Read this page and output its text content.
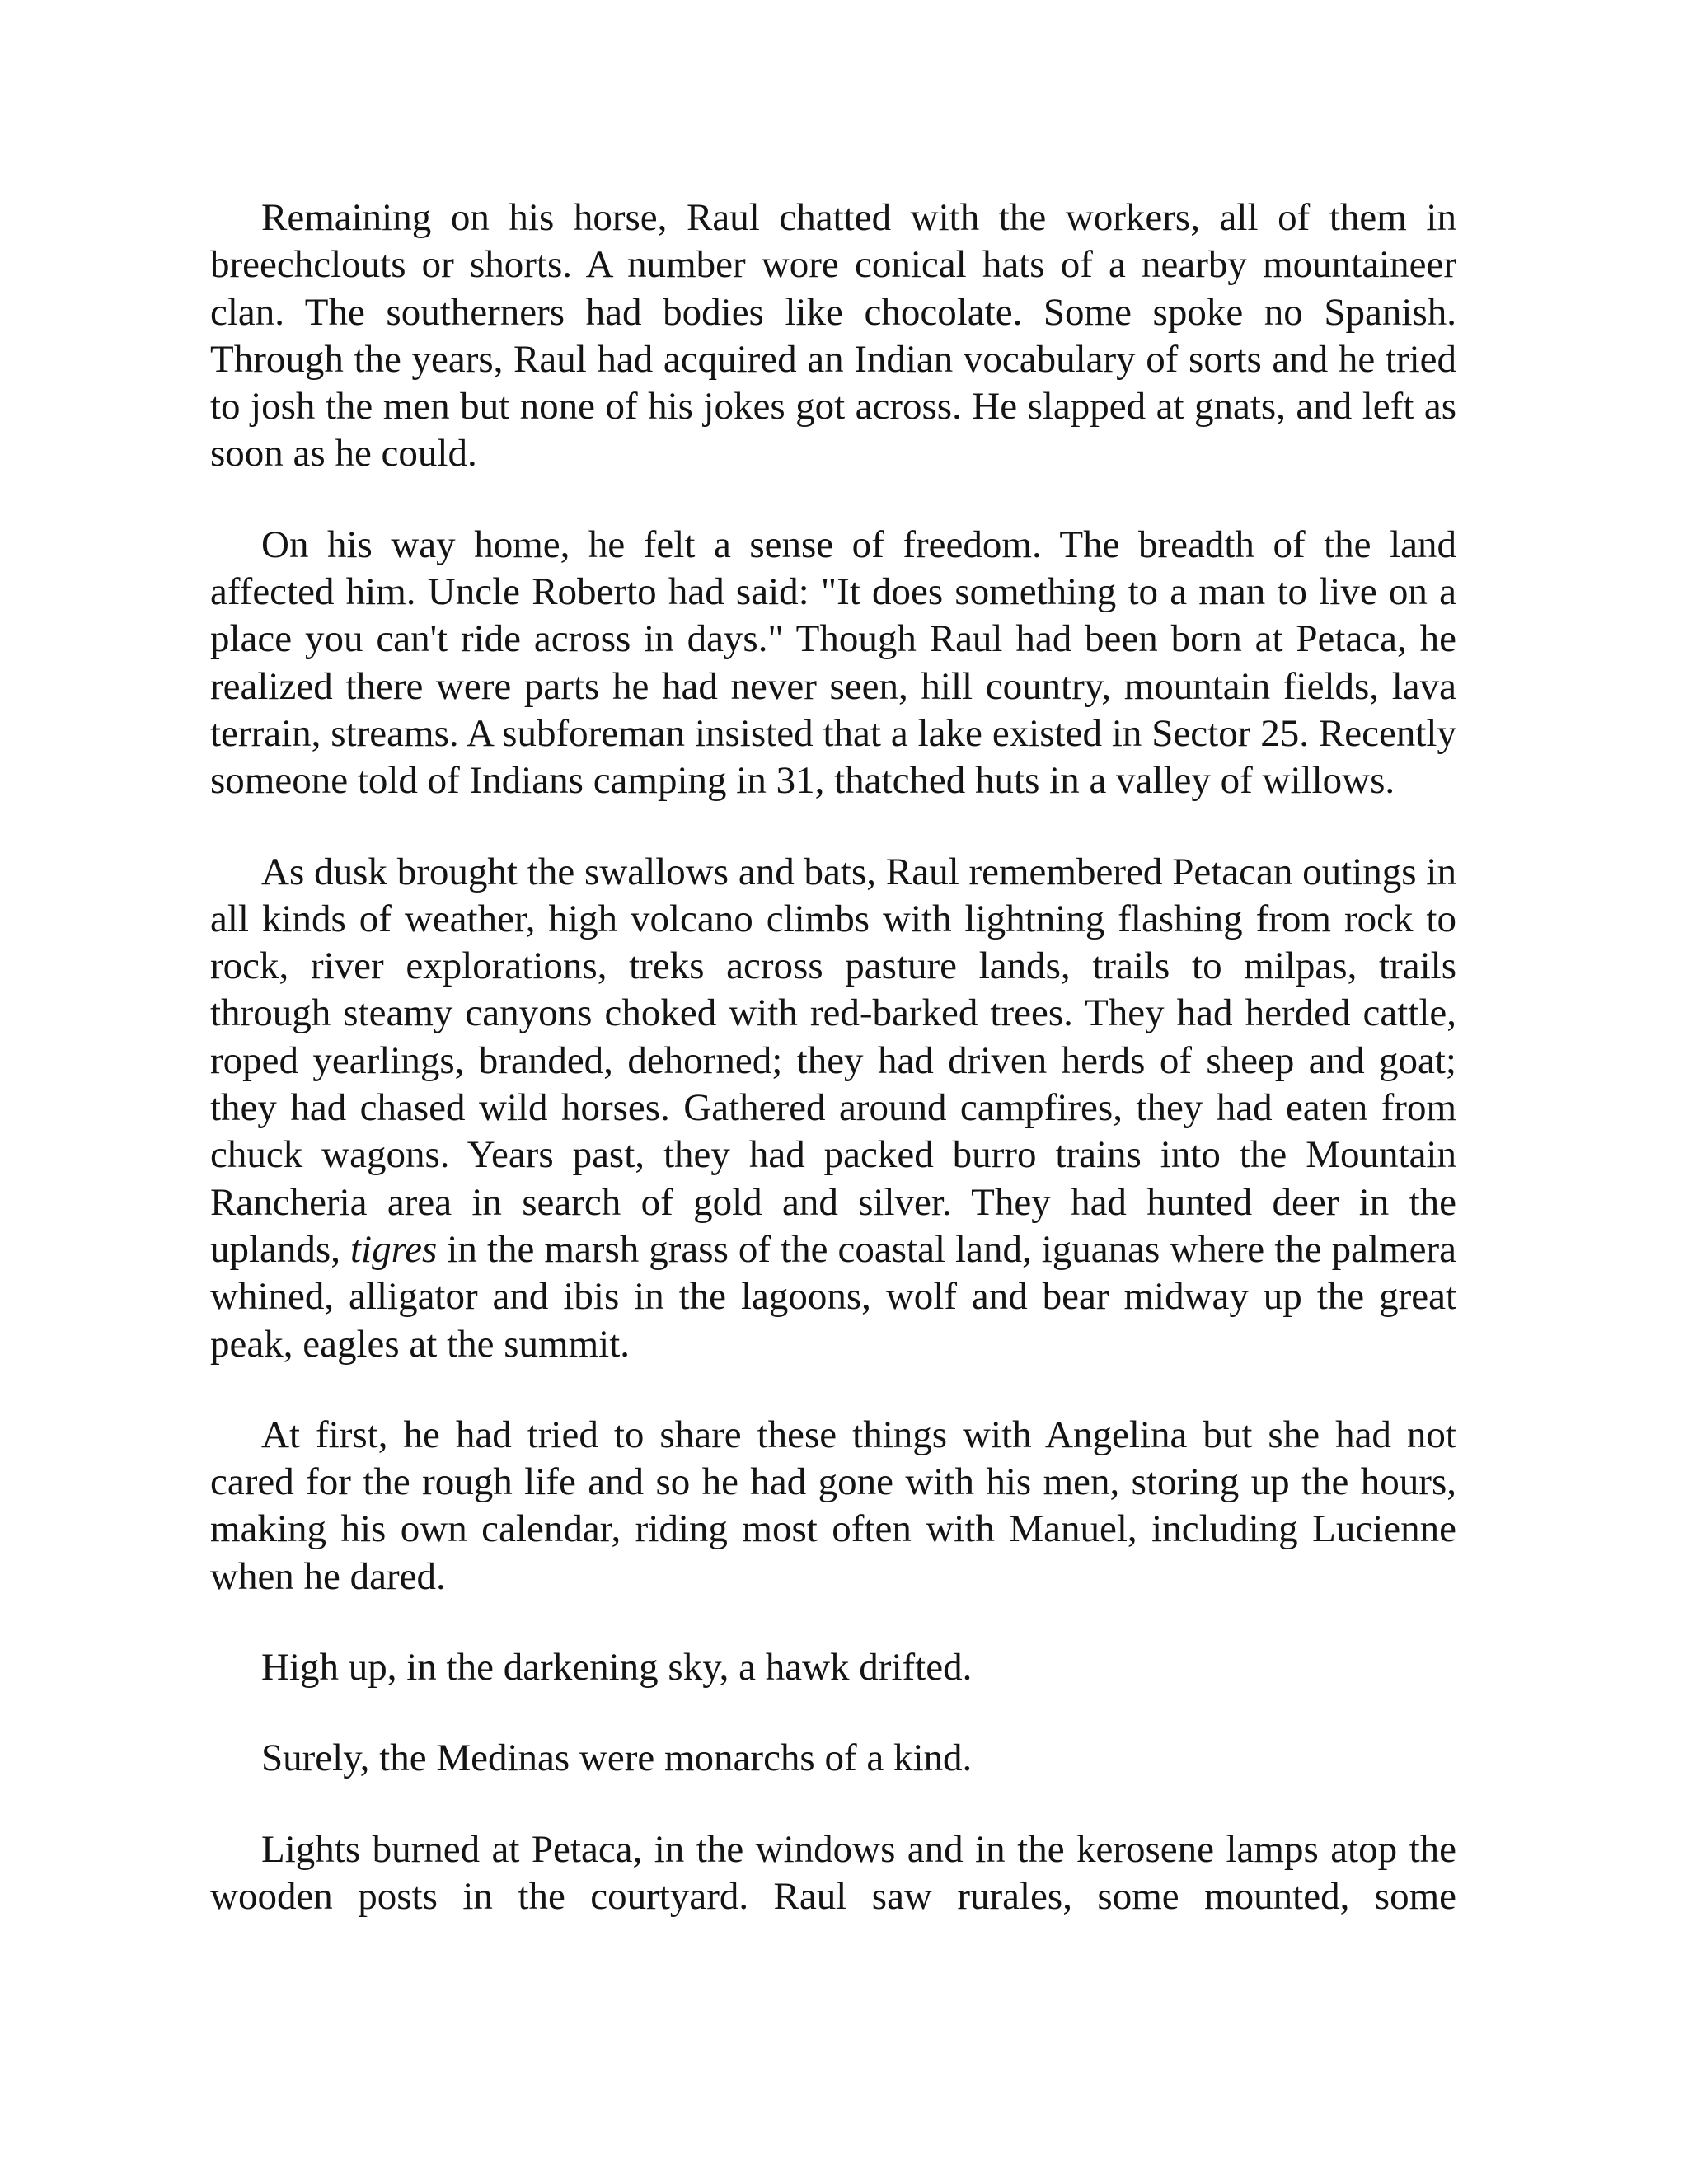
Remaining on his horse, Raul chatted with the workers, all of them in breechclouts or shorts. A number wore conical hats of a nearby mountaineer clan. The southerners had bodies like chocolate. Some spoke no Spanish. Through the years, Raul had acquired an Indian vocabulary of sorts and he tried to josh the men but none of his jokes got across. He slapped at gnats, and left as soon as he could.

On his way home, he felt a sense of freedom. The breadth of the land affected him. Uncle Roberto had said: "It does something to a man to live on a place you can't ride across in days." Though Raul had been born at Petaca, he realized there were parts he had never seen, hill country, mountain fields, lava terrain, streams. A subforeman insisted that a lake existed in Sector 25. Recently someone told of Indians camping in 31, thatched huts in a valley of willows.

As dusk brought the swallows and bats, Raul remembered Petacan outings in all kinds of weather, high volcano climbs with lightning flashing from rock to rock, river explorations, treks across pasture lands, trails to milpas, trails through steamy canyons choked with red-barked trees. They had herded cattle, roped yearlings, branded, dehorned; they had driven herds of sheep and goat; they had chased wild horses. Gathered around campfires, they had eaten from chuck wagons. Years past, they had packed burro trains into the Mountain Rancheria area in search of gold and silver. They had hunted deer in the uplands, tigres in the marsh grass of the coastal land, iguanas where the palmera whined, alligator and ibis in the lagoons, wolf and bear midway up the great peak, eagles at the summit.

At first, he had tried to share these things with Angelina but she had not cared for the rough life and so he had gone with his men, storing up the hours, making his own calendar, riding most often with Manuel, including Lucienne when he dared.

High up, in the darkening sky, a hawk drifted.

Surely, the Medinas were monarchs of a kind.

Lights burned at Petaca, in the windows and in the kerosene lamps atop the wooden posts in the courtyard. Raul saw rurales, some mounted, some
